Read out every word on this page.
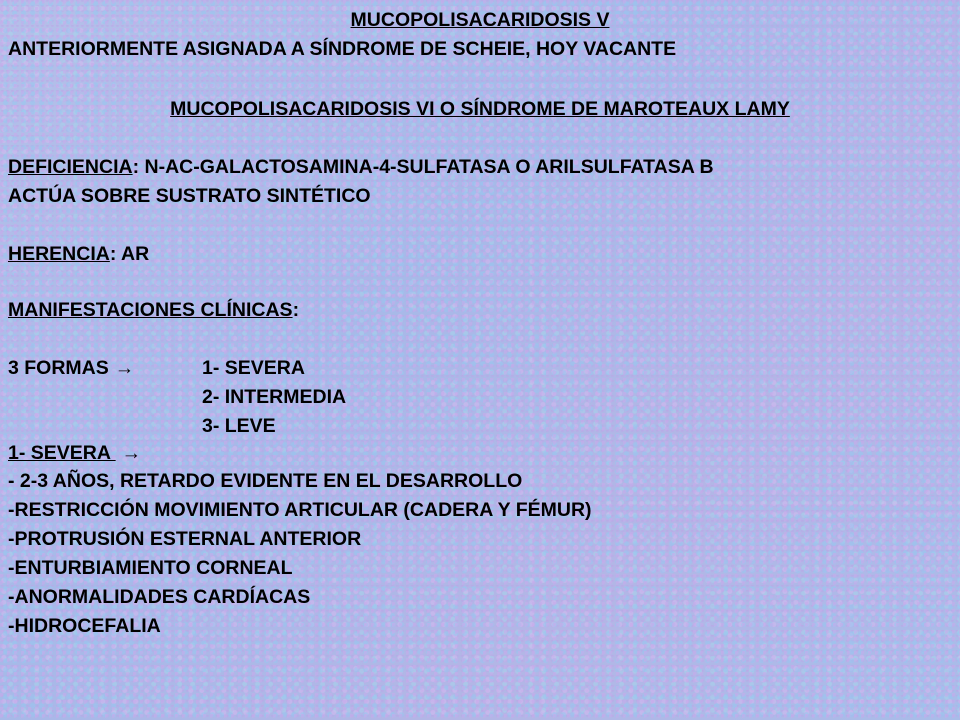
MUCOPOLISACARIDOSIS V
ANTERIORMENTE ASIGNADA A SÍNDROME DE SCHEIE, HOY VACANTE
MUCOPOLISACARIDOSIS VI O SÍNDROME DE MAROTEAUX LAMY
DEFICIENCIA: N-AC-GALACTOSAMINA-4-SULFATASA O ARILSULFATASA B
ACTÚA SOBRE SUSTRATO SINTÉTICO
HERENCIA: AR
MANIFESTACIONES CLÍNICAS:
3 FORMAS →	1- SEVERA
2- INTERMEDIA
3- LEVE
1- SEVERA →
- 2-3 AÑOS, RETARDO EVIDENTE EN EL DESARROLLO
-RESTRICCIÓN MOVIMIENTO ARTICULAR (CADERA Y FÉMUR)
-PROTRUSIÓN ESTERNAL ANTERIOR
-ENTURBIAMIENTO CORNEAL
-ANORMALIDADES CARDÍACAS
-HIDROCEFALIA
